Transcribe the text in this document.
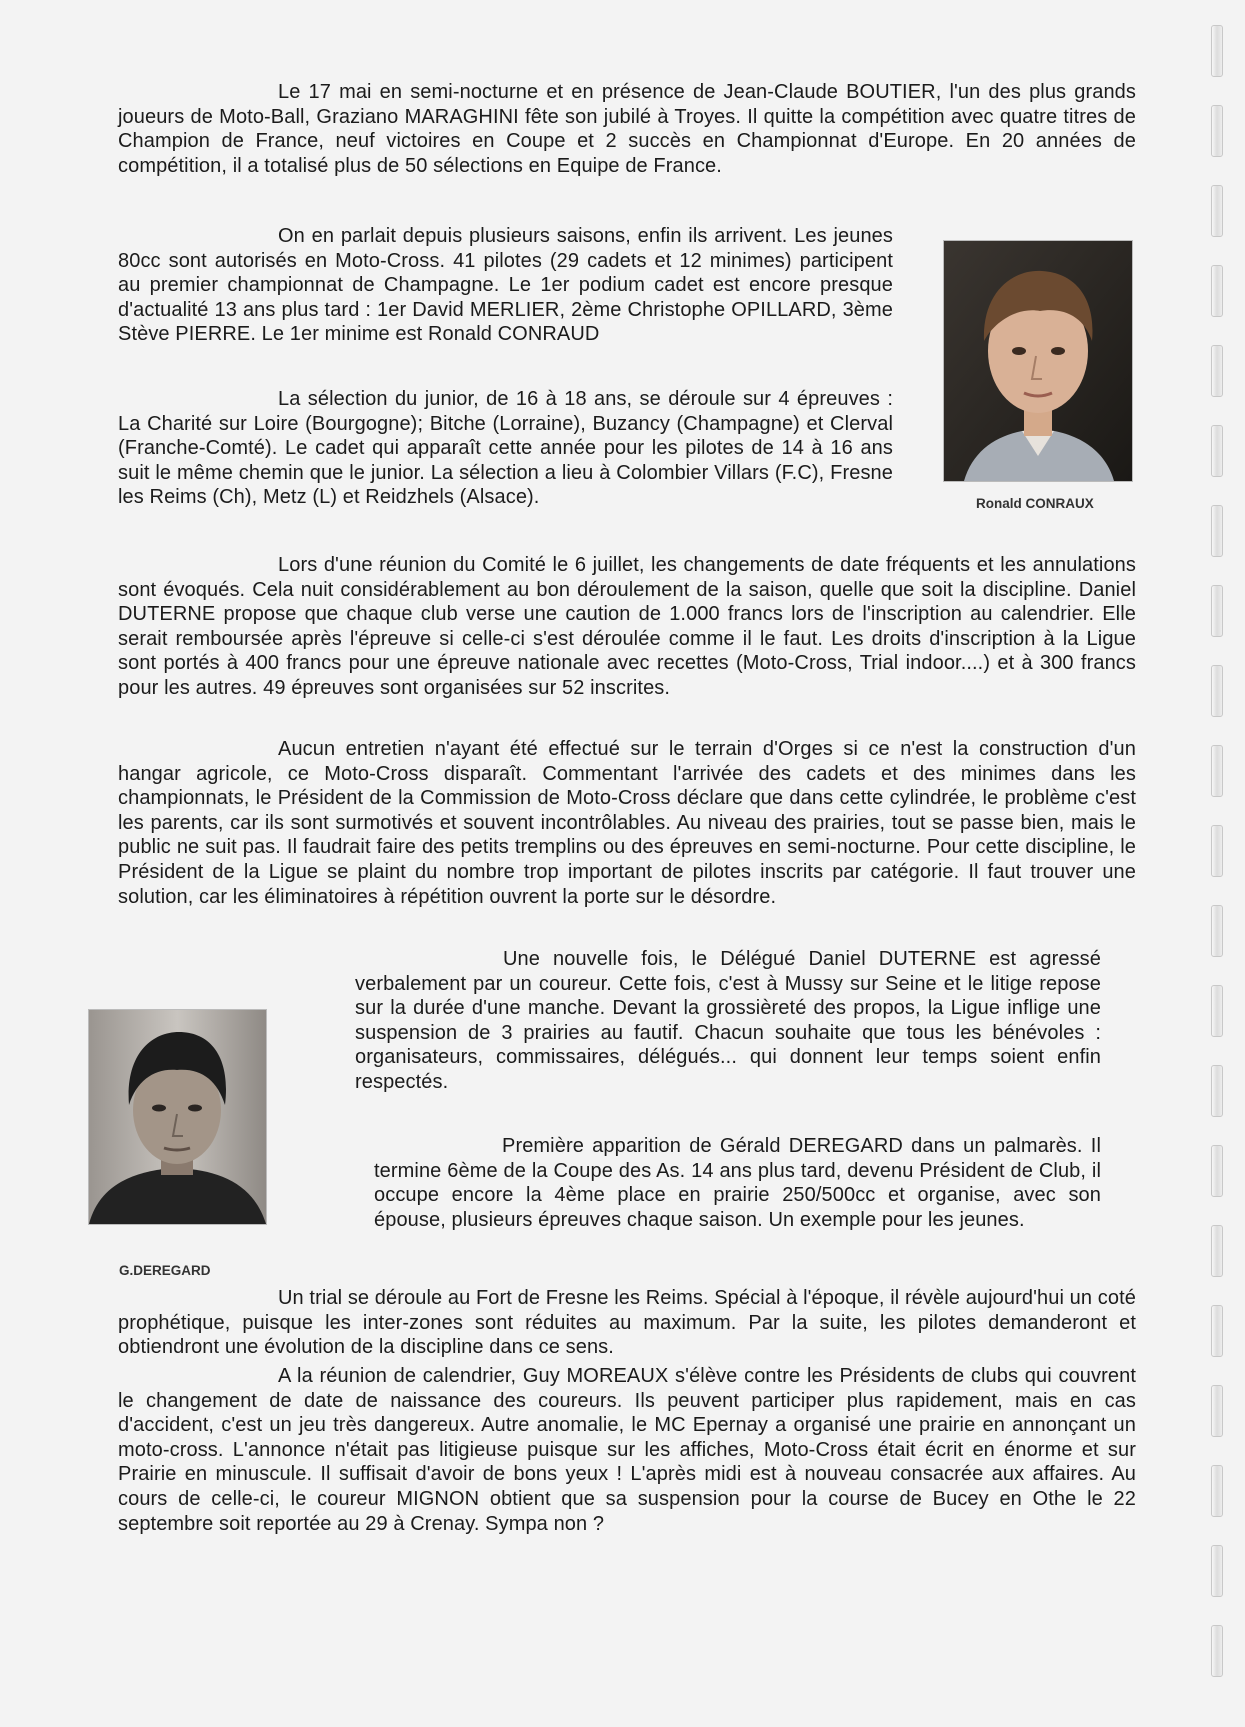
Le 17 mai en semi-nocturne et en présence de Jean-Claude BOUTIER, l'un des plus grands joueurs de Moto-Ball, Graziano MARAGHINI fête son jubilé à Troyes. Il quitte la compétition avec quatre titres de Champion de France, neuf victoires en Coupe et 2 succès en Championnat d'Europe. En 20 années de compétition, il a totalisé plus de 50 sélections en Equipe de France.

On en parlait depuis plusieurs saisons, enfin ils arrivent. Les jeunes 80cc sont autorisés en Moto-Cross. 41 pilotes (29 cadets et 12 minimes) participent au premier championnat de Champagne. Le 1er podium cadet est encore presque d'actualité 13 ans plus tard : 1er David MERLIER, 2ème Christophe OPILLARD, 3ème Stève PIERRE. Le 1er minime est Ronald CONRAUD

La sélection du junior, de 16 à 18 ans, se déroule sur 4 épreuves : La Charité sur Loire (Bourgogne); Bitche (Lorraine), Buzancy (Champagne) et Clerval (Franche-Comté). Le cadet qui apparaît cette année pour les pilotes de 14 à 16 ans suit le même chemin que le junior. La sélection a lieu à Colombier Villars (F.C), Fresne les Reims (Ch), Metz (L) et Reidzhels (Alsace).

Lors d'une réunion du Comité le 6 juillet, les changements de date fréquents et les annulations sont évoqués. Cela nuit considérablement au bon déroulement de la saison, quelle que soit la discipline. Daniel DUTERNE propose que chaque club verse une caution de 1.000 francs lors de l'inscription au calendrier. Elle serait remboursée après l'épreuve si celle-ci s'est déroulée comme il le faut. Les droits d'inscription à la Ligue sont portés à 400 francs pour une épreuve nationale avec recettes (Moto-Cross, Trial indoor....) et à 300 francs pour les autres. 49 épreuves sont organisées sur 52 inscrites.

Aucun entretien n'ayant été effectué sur le terrain d'Orges si ce n'est la construction d'un hangar agricole, ce Moto-Cross disparaît. Commentant l'arrivée des cadets et des minimes dans les championnats, le Président de la Commission de Moto-Cross déclare que dans cette cylindrée, le problème c'est les parents, car ils sont surmotivés et souvent incontrôlables. Au niveau des prairies, tout se passe bien, mais le public ne suit pas. Il faudrait faire des petits tremplins ou des épreuves en semi-nocturne. Pour cette discipline, le Président de la Ligue se plaint du nombre trop important de pilotes inscrits par catégorie. Il faut trouver une solution, car les éliminatoires à répétition ouvrent la porte sur le désordre.

Une nouvelle fois, le Délégué Daniel DUTERNE est agressé verbalement par un coureur. Cette fois, c'est à Mussy sur Seine et le litige repose sur la durée d'une manche. Devant la grossièreté des propos, la Ligue inflige une suspension de 3 prairies au fautif. Chacun souhaite que tous les bénévoles : organisateurs, commissaires, délégués... qui donnent leur temps soient enfin respectés.

Première apparition de Gérald DEREGARD dans un palmarès. Il termine 6ème de la Coupe des As. 14 ans plus tard, devenu Président de Club, il occupe encore la 4ème place en prairie 250/500cc et organise, avec son épouse, plusieurs épreuves chaque saison. Un exemple pour les jeunes.

Un trial se déroule au Fort de Fresne les Reims. Spécial à l'époque, il révèle aujourd'hui un coté prophétique, puisque les inter-zones sont réduites au maximum. Par la suite, les pilotes demanderont et obtiendront une évolution de la discipline dans ce sens.

A la réunion de calendrier, Guy MOREAUX s'élève contre les Présidents de clubs qui couvrent le changement de date de naissance des coureurs. Ils peuvent participer plus rapidement, mais en cas d'accident, c'est un jeu très dangereux. Autre anomalie, le MC Epernay a organisé une prairie en annonçant un moto-cross. L'annonce n'était pas litigieuse puisque sur les affiches, Moto-Cross était écrit en énorme et sur Prairie en minuscule. Il suffisait d'avoir de bons yeux ! L'après midi est à nouveau consacrée aux affaires. Au cours de celle-ci, le coureur MIGNON obtient que sa suspension pour la course de Bucey en Othe le 22 septembre soit reportée au 29 à Crenay. Sympa non ?

Ronald CONRAUX
G.DEREGARD
